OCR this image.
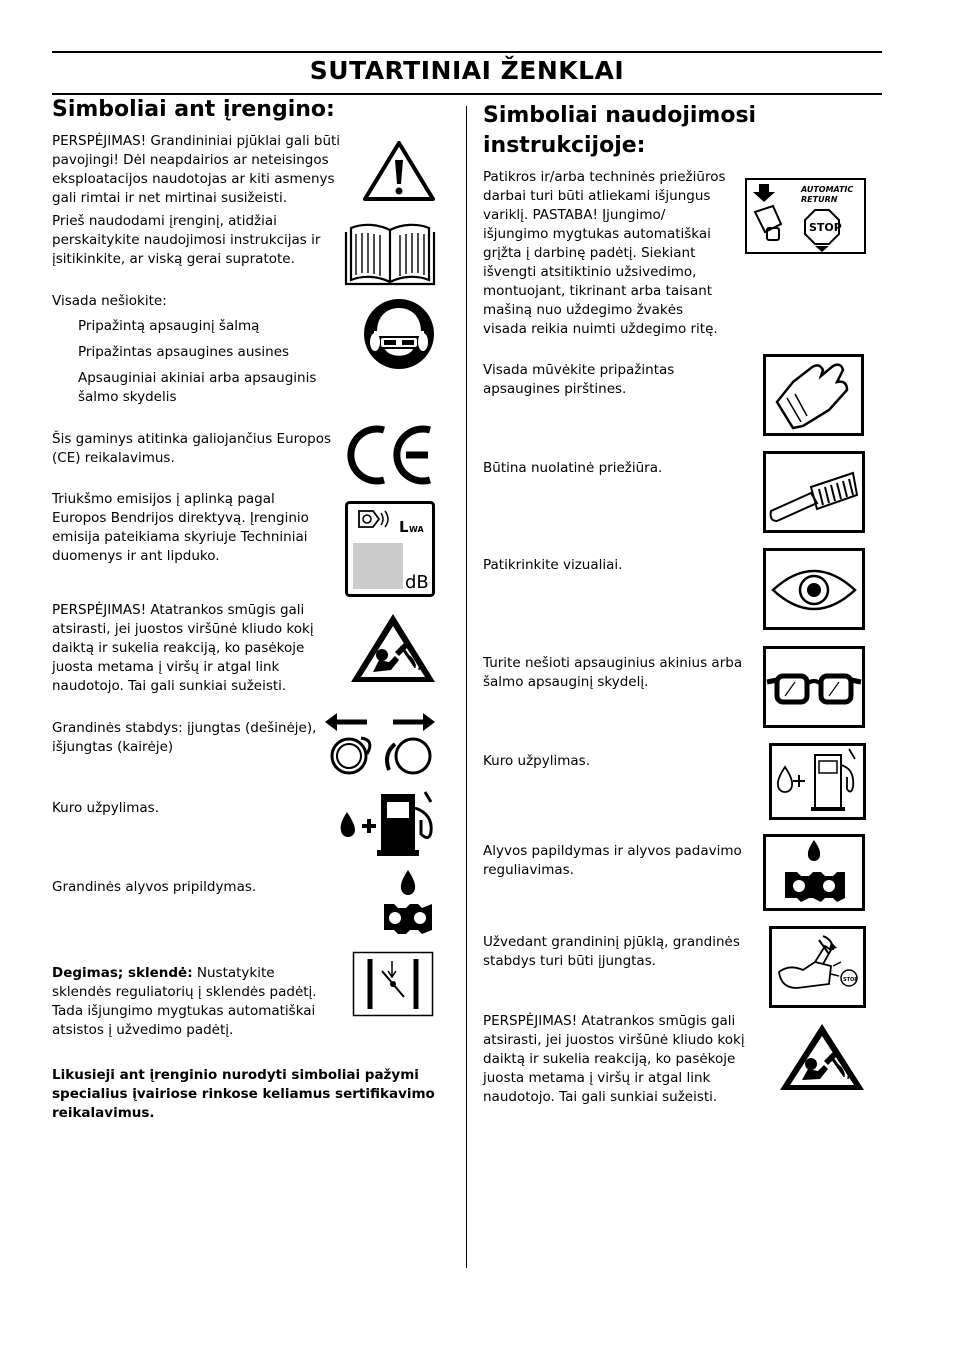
SUTARTINIAI ŽENKLAI
Simboliai ant įrengino:
PERSPĖJIMAS! Grandininiai pjūklai gali būti pavojingi! Dėl neapdairios ar neteisingos eksploatacijos naudotojas ar kiti asmenys gali rimtai ir net mirtinai susižeisti.
Prieš naudodami įrenginį, atidžiai perskaitykite naudojimosi instrukcijas ir įsitikinkite, ar viską gerai supratote.
Visada nešiokite:
Pripažintą apsauginį šalmą
Pripažintas apsaugines ausines
Apsauginiai akiniai arba apsauginis šalmo skydelis
Šis gaminys atitinka galiojančius Europos (CE) reikalavimus.
Triukšmo emisijos į aplinką pagal Europos Bendrijos direktyvą. Įrenginio emisija pateikiama skyriuje Techniniai duomenys ir ant lipduko.
L WA
dB
PERSPĖJIMAS! Atatrankos smūgis gali atsirasti, jei juostos viršūnė kliudo kokį daiktą ir sukelia reakciją, ko pasėkoje juosta metama į viršų ir atgal link naudotojo. Tai gali sunkiai sužeisti.
Grandinės stabdys: įjungtas (dešinėje), išjungtas (kairėje)
Kuro užpylimas.
Grandinės alyvos pripildymas.
Degimas; sklendė: Nustatykite sklendės reguliatorių į sklendės padėtį. Tada išjungimo mygtukas automatiškai atsistos į užvedimo padėtį.
Likusieji ant įrenginio nurodyti simboliai pažymi specialius įvairiose rinkose keliamus sertifikavimo reikalavimus.
Simboliai naudojimosi
instrukcijoje:
Patikros ir/arba techninės priežiūros darbai turi būti atliekami išjungus variklį. PASTABA! Įjungimo/ išjungimo mygtukas automatiškai grįžta į darbinę padėtį. Siekiant išvengti atsitiktinio užsivedimo, montuojant, tikrinant arba taisant mašiną nuo uždegimo žvakės visada reikia nuimti uždegimo ritę.
AUTOMATIC
RETURN
STOP
Visada mūvėkite pripažintas apsaugines pirštines.
Būtina nuolatinė priežiūra.
Patikrinkite vizualiai.
Turite nešioti apsauginius akinius arba šalmo apsauginį skydelį.
Kuro užpylimas.
Alyvos papildymas ir alyvos padavimo reguliavimas.
Užvedant grandininį pjūklą, grandinės stabdys turi būti įjungtas.
STOP
PERSPĖJIMAS! Atatrankos smūgis gali atsirasti, jei juostos viršūnė kliudo kokį daiktą ir sukelia reakciją, ko pasėkoje juosta metama į viršų ir atgal link naudotojo. Tai gali sunkiai sužeisti.
